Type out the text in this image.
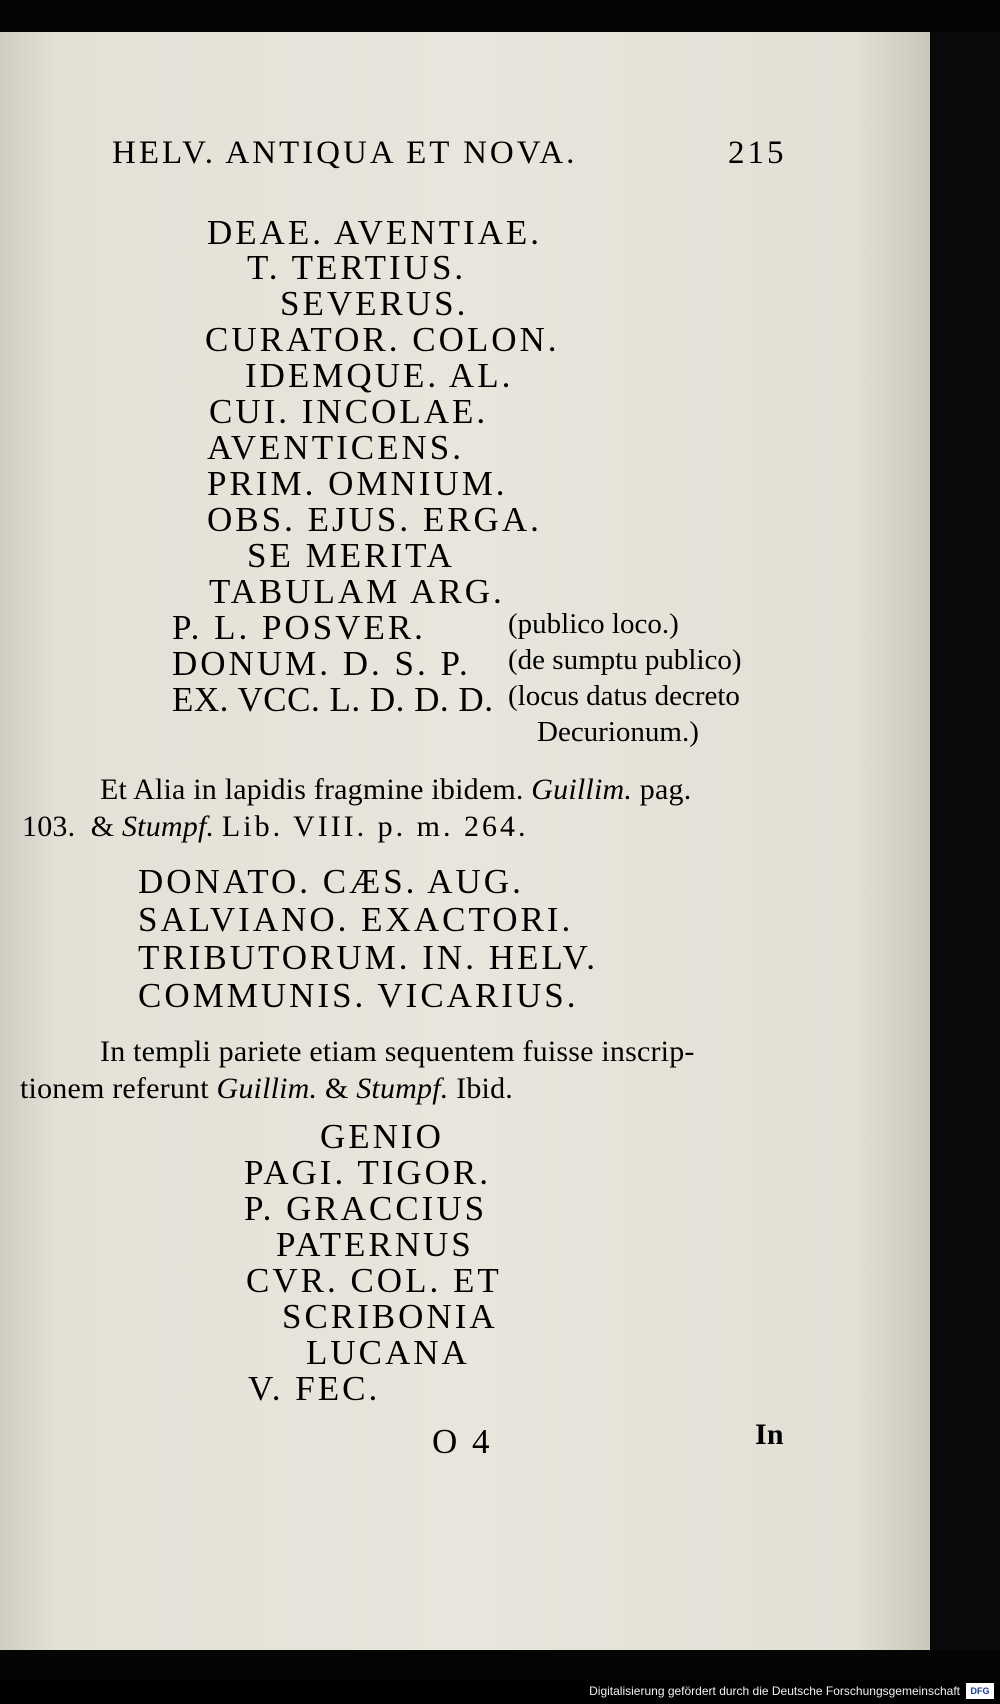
HELV. ANTIQUA ET NOVA.	215
DEAE. AVENTIAE.
T. TERTIUS.
SEVERUS.
CURATOR. COLON.
IDEMQUE. AL.
CUI. INCOLAE.
AVENTICENS.
PRIM. OMNIUM.
OBS. EJUS. ERGA.
SE MERITA
TABULAM ARG.
P. L. POSVER.	(publico loco.)
DONUM. D. S. P. (de sumptu publico)
EX. VCC. L. D. D. D. (locus datus decreto
Decurionum.)
Et Alia in lapidis fragmine ibidem. Guillim. pag.
103. & Stumpf. Lib. VIII. p. m. 264.
DONATO. CÆS. AUG.
SALVIANO. EXACTORI.
TRIBUTORUM. IN. HELV.
COMMUNIS. VICARIUS.
In templi pariete etiam sequentem fuisse inscrip-
tionem referunt Guillim. & Stumpf. Ibid.
GENIO
PAGI. TIGOR.
P. GRACCIUS
PATERNUS
CVR. COL. ET
SCRIBONIA
LUCANA
V. FEC.
O 4	In
Digitalisierung gefördert durch die Deutsche Forschungsgemeinschaft	DFG
